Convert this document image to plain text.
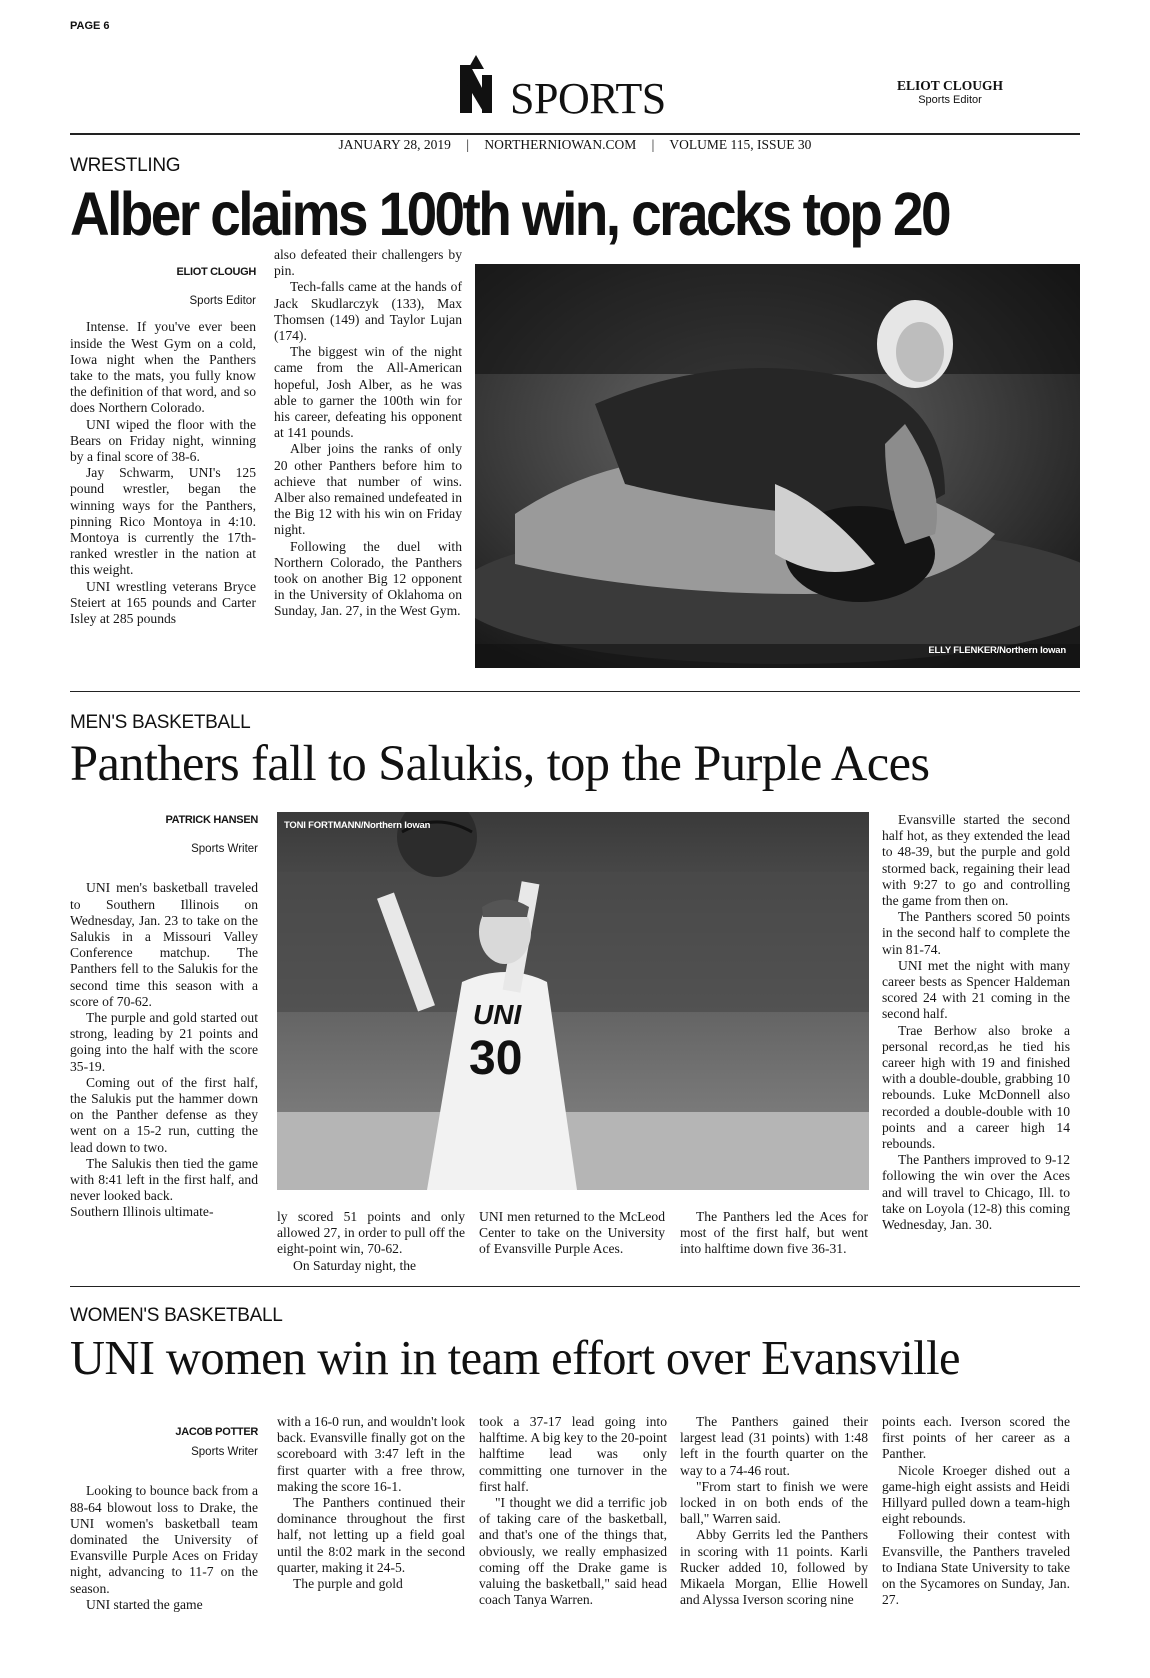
PAGE 6
SPORTS	ELIOT CLOUGH
Sports Editor
JANUARY 28, 2019 | NORTHERNIOWAN.COM | VOLUME 115, ISSUE 30
WRESTLING
Alber claims 100th win, cracks top 20
ELIOT CLOUGH
Sports Editor

Intense. If you've ever been inside the West Gym on a cold, Iowa night when the Panthers take to the mats, you fully know the definition of that word, and so does Northern Colorado.

UNI wiped the floor with the Bears on Friday night, winning by a final score of 38-6.

Jay Schwarm, UNI's 125 pound wrestler, began the winning ways for the Panthers, pinning Rico Montoya in 4:10. Montoya is currently the 17th-ranked wrestler in the nation at this weight.

UNI wrestling veterans Bryce Steiert at 165 pounds and Carter Isley at 285 pounds

also defeated their challengers by pin.

Tech-falls came at the hands of Jack Skudlarczyk (133), Max Thomsen (149) and Taylor Lujan (174).

The biggest win of the night came from the All-American hopeful, Josh Alber, as he was able to garner the 100th win for his career, defeating his opponent at 141 pounds.

Alber joins the ranks of only 20 other Panthers before him to achieve that number of wins. Alber also remained undefeated in the Big 12 with his win on Friday night.

Following the duel with Northern Colorado, the Panthers took on another Big 12 opponent in the University of Oklahoma on Sunday, Jan. 27, in the West Gym.

ELLY FLENKER/Northern Iowan
MEN'S BASKETBALL
Panthers fall to Salukis, top the Purple Aces
PATRICK HANSEN
Sports Writer

UNI men's basketball traveled to Southern Illinois on Wednesday, Jan. 23 to take on the Salukis in a Missouri Valley Conference matchup. The Panthers fell to the Salukis for the second time this season with a score of 70-62.

The purple and gold started out strong, leading by 21 points and going into the half with the score 35-19.

Coming out of the first half, the Salukis put the hammer down on the Panther defense as they went on a 15-2 run, cutting the lead down to two.

The Salukis then tied the game with 8:41 left in the first half, and never looked back.

Southern Illinois ultimate-
UNI
30
TONI FORTMANN/Northern Iowan

ly scored 51 points and only allowed 27, in order to pull off the eight-point win, 70-62.

On Saturday night, the

UNI men returned to the McLeod Center to take on the University of Evansville Purple Aces.

The Panthers led the Aces for most of the first half, but went into halftime down five 36-31.

Evansville started the second half hot, as they extended the lead to 48-39, but the purple and gold stormed back, regaining their lead with 9:27 to go and controlling the game from then on.

The Panthers scored 50 points in the second half to complete the win 81-74.

UNI met the night with many career bests as Spencer Haldeman scored 24 with 21 coming in the second half.

Trae Berhow also broke a personal record,as he tied his career high with 19 and finished with a double-double, grabbing 10 rebounds. Luke McDonnell also recorded a double-double with 10 points and a career high 14 rebounds.

The Panthers improved to 9-12 following the win over the Aces and will travel to Chicago, Ill. to take on Loyola (12-8) this coming Wednesday, Jan. 30.

WOMEN'S BASKETBALL
UNI women win in team effort over Evansville
JACOB POTTER
Sports Writer

Looking to bounce back from a 88-64 blowout loss to Drake, the UNI women's basketball team dominated the University of Evansville Purple Aces on Friday night, advancing to 11-7 on the season.

UNI started the game

with a 16-0 run, and wouldn't look back. Evansville finally got on the scoreboard with 3:47 left in the first quarter with a free throw, making the score 16-1.

The Panthers continued their dominance throughout the first half, not letting up a field goal until the 8:02 mark in the second quarter, making it 24-5.

The purple and gold

took a 37-17 lead going into halftime. A big key to the 20-point halftime lead was only committing one turnover in the first half.

"I thought we did a terrific job of taking care of the basketball, and that's one of the things that, obviously, we really emphasized coming off the Drake game is valuing the basketball," said head coach Tanya Warren.

The Panthers gained their largest lead (31 points) with 1:48 left in the fourth quarter on the way to a 74-46 rout.

"From start to finish we were locked in on both ends of the ball," Warren said.

Abby Gerrits led the Panthers in scoring with 11 points. Karli Rucker added 10, followed by Mikaela Morgan, Ellie Howell and Alyssa Iverson scoring nine

points each. Iverson scored the first points of her career as a Panther.

Nicole Kroeger dished out a game-high eight assists and Heidi Hillyard pulled down a team-high eight rebounds.

Following their contest with Evansville, the Panthers traveled to Indiana State University to take on the Sycamores on Sunday, Jan. 27.
